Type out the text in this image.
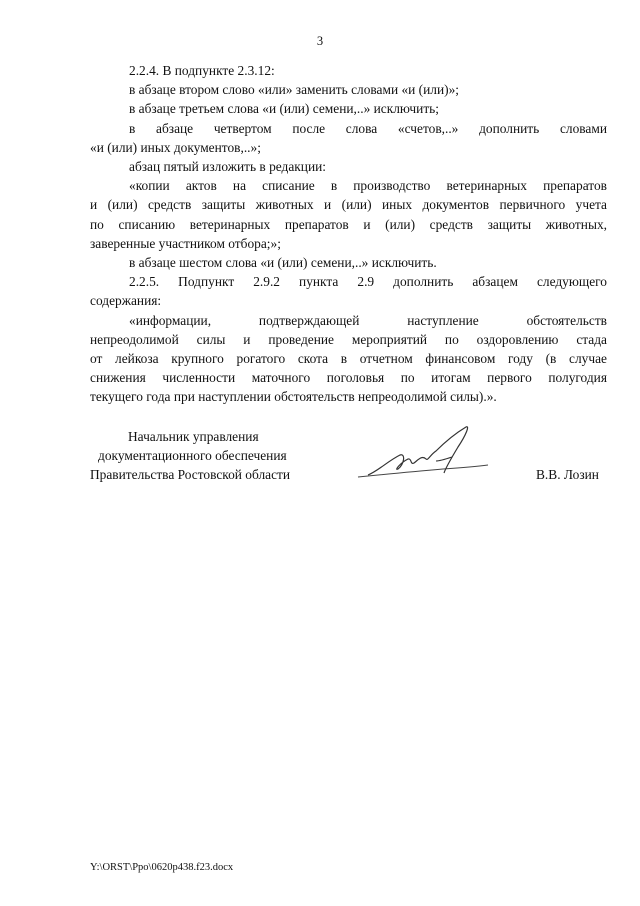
3
2.2.4. В подпункте 2.3.12:
в абзаце втором слово «или» заменить словами «и (или)»;
в абзаце третьем слова «и (или) семени,..» исключить;
в абзаце четвертом после слова «счетов,..» дополнить словами
«и (или) иных документов,..»;
абзац пятый изложить в редакции:
«копии актов на списание в производство ветеринарных препаратов
и (или) средств защиты животных и (или) иных документов первичного учета
по списанию ветеринарных препаратов и (или) средств защиты животных,
заверенные участником отбора;»;
в абзаце шестом слова «и (или) семени,..» исключить.
2.2.5. Подпункт 2.9.2 пункта 2.9 дополнить абзацем следующего
содержания:
«информации, подтверждающей наступление обстоятельств
непреодолимой силы и проведение мероприятий по оздоровлению стада
от лейкоза крупного рогатого скота в отчетном финансовом году (в случае
снижения численности маточного поголовья по итогам первого полугодия
текущего года при наступлении обстоятельств непреодолимой силы).».
Начальник управления
документационного обеспечения
Правительства Ростовской области	В.В. Лозин
Y:\ORST\Ppo\0620p438.f23.docx
